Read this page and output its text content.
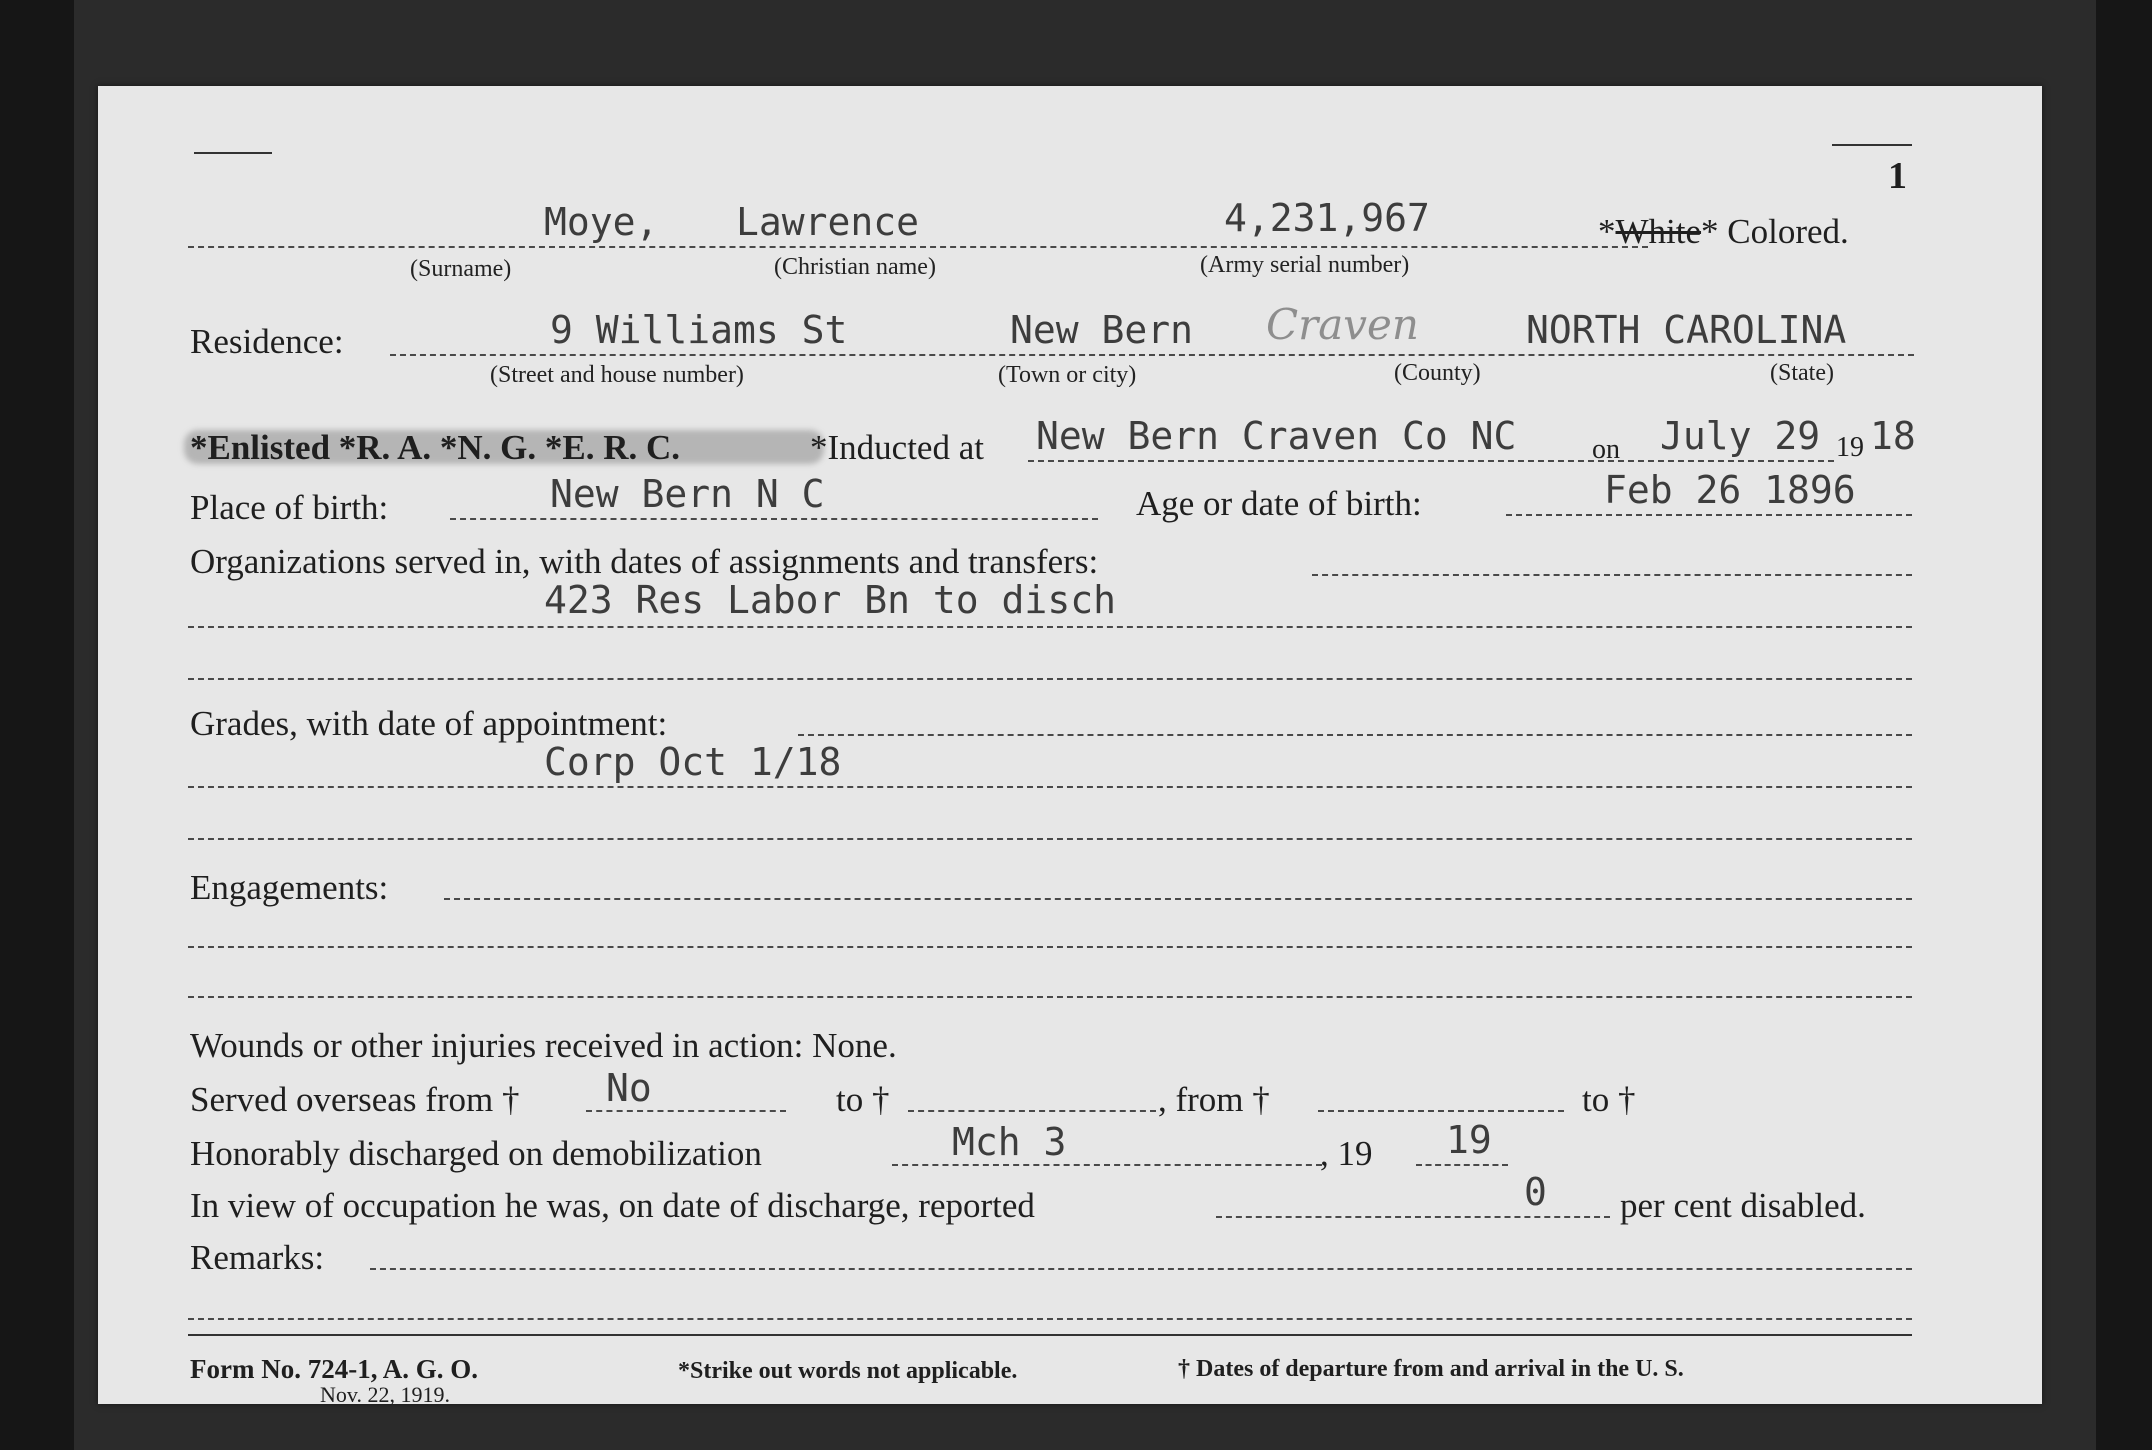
1
Moye, Lawrence	4,231,967	*White* Colored.
(Surname)	(Christian name)	(Army serial number)
Residence:	9 Williams St	New Bern Craven	NORTH CAROLINA
(Street and house number)	(Town or city)	(County)	(State)
*Enlisted *R. A. *N. G. *E. R. C.	*Inducted at New Bern Craven Co NC	on July 29 19 18
Place of birth:	New Bern N C	Age or date of birth:	Feb 26 1896
Organizations served in, with dates of assignments and transfers:
423 Res Labor Bn to disch
Grades, with date of appointment:
Corp Oct 1/18
Engagements:
Wounds or other injuries received in action: None.
Served overseas from † No	to †	, from †	to †
Honorably discharged on demobilization	Mch 3	, 19 19
In view of occupation he was, on date of discharge, reported	0 per cent disabled.
Remarks:
Form No. 724-1, A. G. O.
Nov. 22, 1919.
*Strike out words not applicable.	† Dates of departure from and arrival in the U. S.
